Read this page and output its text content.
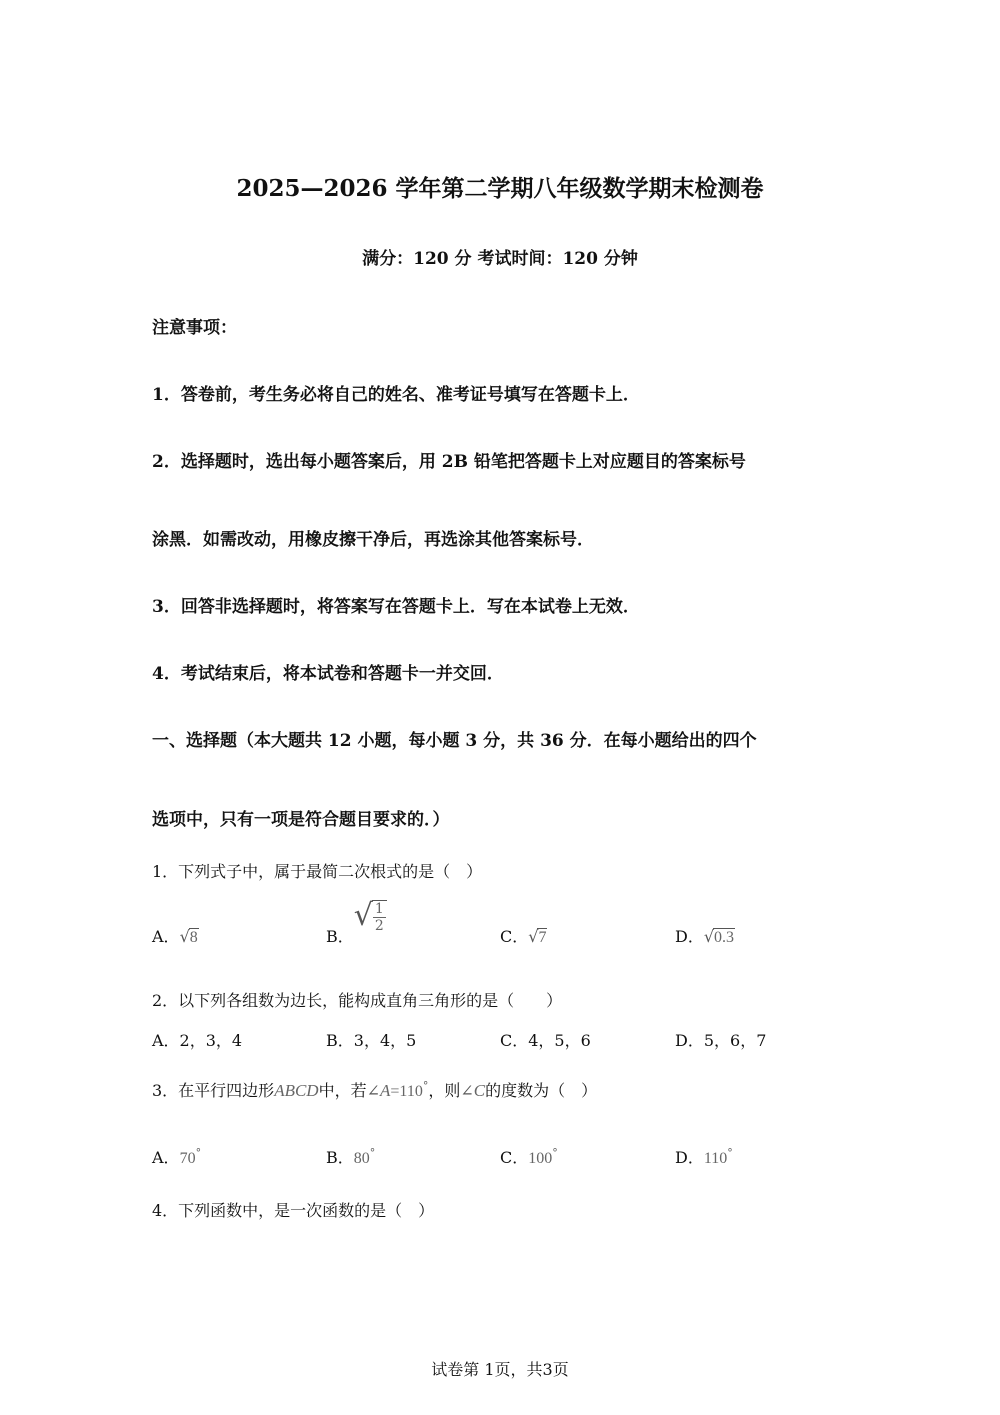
2025—2026 学年第二学期八年级数学期末检测卷
满分：120 分 考试时间：120 分钟
注意事项：
1．答卷前，考生务必将自己的姓名、准考证号填写在答题卡上．
2．选择题时，选出每小题答案后，用 2B 铅笔把答题卡上对应题目的答案标号
涂黑．如需改动，用橡皮擦干净后，再选涂其他答案标号．
3．回答非选择题时，将答案写在答题卡上．写在本试卷上无效．
4．考试结束后，将本试卷和答题卡一并交回．
一、选择题（本大题共 12 小题，每小题 3 分，共 36 分．在每小题给出的四个
选项中，只有一项是符合题目要求的．）
1．下列式子中，属于最简二次根式的是（　）
A．√8	B．√ $\frac{1}{2}$
C．√7	D．√0.3
2．以下列各组数为边长，能构成直角三角形的是（　　）
A．2，3，4	B．3，4，5	C．4，5，6	D．5，6，7
3．在平行四边形ABCD中，若∠A=110°，则∠C的度数为（　）
A．70°	B．80°	C．100°	D．110°
4．下列函数中，是一次函数的是（　）
试卷第 1页，共3页
